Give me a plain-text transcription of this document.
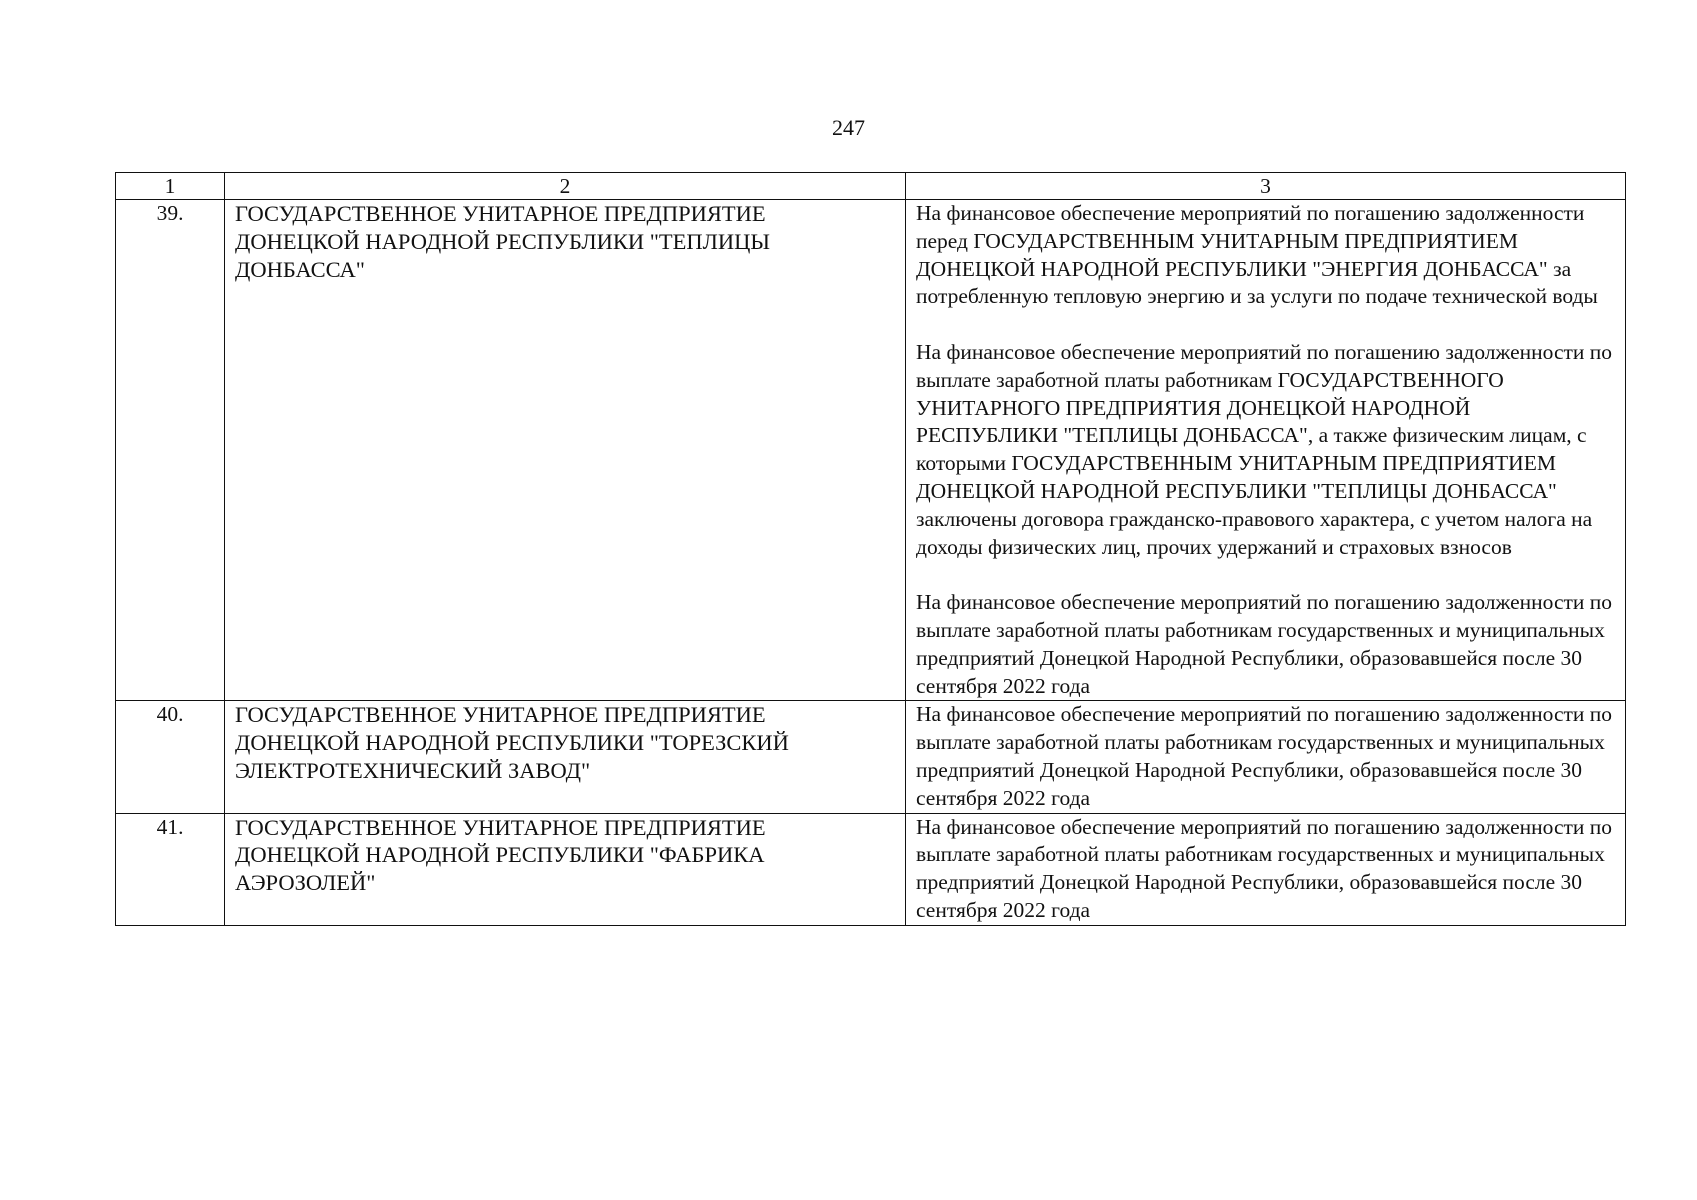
247
1	2	3
39.	ГОСУДАРСТВЕННОЕ УНИТАРНОЕ ПРЕДПРИЯТИЕ ДОНЕЦКОЙ НАРОДНОЙ РЕСПУБЛИКИ "ТЕПЛИЦЫ ДОНБАССА"	На финансовое обеспечение мероприятий по погашению задолженности перед ГОСУДАРСТВЕННЫМ УНИТАРНЫМ ПРЕДПРИЯТИЕМ ДОНЕЦКОЙ НАРОДНОЙ РЕСПУБЛИКИ "ЭНЕРГИЯ ДОНБАССА" за потребленную тепловую энергию и за услуги по подаче технической воды

На финансовое обеспечение мероприятий по погашению задолженности по выплате заработной платы работникам ГОСУДАРСТВЕННОГО УНИТАРНОГО ПРЕДПРИЯТИЯ ДОНЕЦКОЙ НАРОДНОЙ РЕСПУБЛИКИ "ТЕПЛИЦЫ ДОНБАССА", а также физическим лицам, с которыми ГОСУДАРСТВЕННЫМ УНИТАРНЫМ ПРЕДПРИЯТИЕМ ДОНЕЦКОЙ НАРОДНОЙ РЕСПУБЛИКИ "ТЕПЛИЦЫ ДОНБАССА" заключены договора гражданско-правового характера, с учетом налога на доходы физических лиц, прочих удержаний и страховых взносов

На финансовое обеспечение мероприятий по погашению задолженности по выплате заработной платы работникам государственных и муниципальных предприятий Донецкой Народной Республики, образовавшейся после 30 сентября 2022 года

40.	ГОСУДАРСТВЕННОЕ УНИТАРНОЕ ПРЕДПРИЯТИЕ ДОНЕЦКОЙ НАРОДНОЙ РЕСПУБЛИКИ "ТОРЕЗСКИЙ ЭЛЕКТРОТЕХНИЧЕСКИЙ ЗАВОД"	На финансовое обеспечение мероприятий по погашению задолженности по выплате заработной платы работникам государственных и муниципальных предприятий Донецкой Народной Республики, образовавшейся после 30 сентября 2022 года

41.	ГОСУДАРСТВЕННОЕ УНИТАРНОЕ ПРЕДПРИЯТИЕ ДОНЕЦКОЙ НАРОДНОЙ РЕСПУБЛИКИ "ФАБРИКА АЭРОЗОЛЕЙ"	На финансовое обеспечение мероприятий по погашению задолженности по выплате заработной платы работникам государственных и муниципальных предприятий Донецкой Народной Республики, образовавшейся после 30 сентября 2022 года
